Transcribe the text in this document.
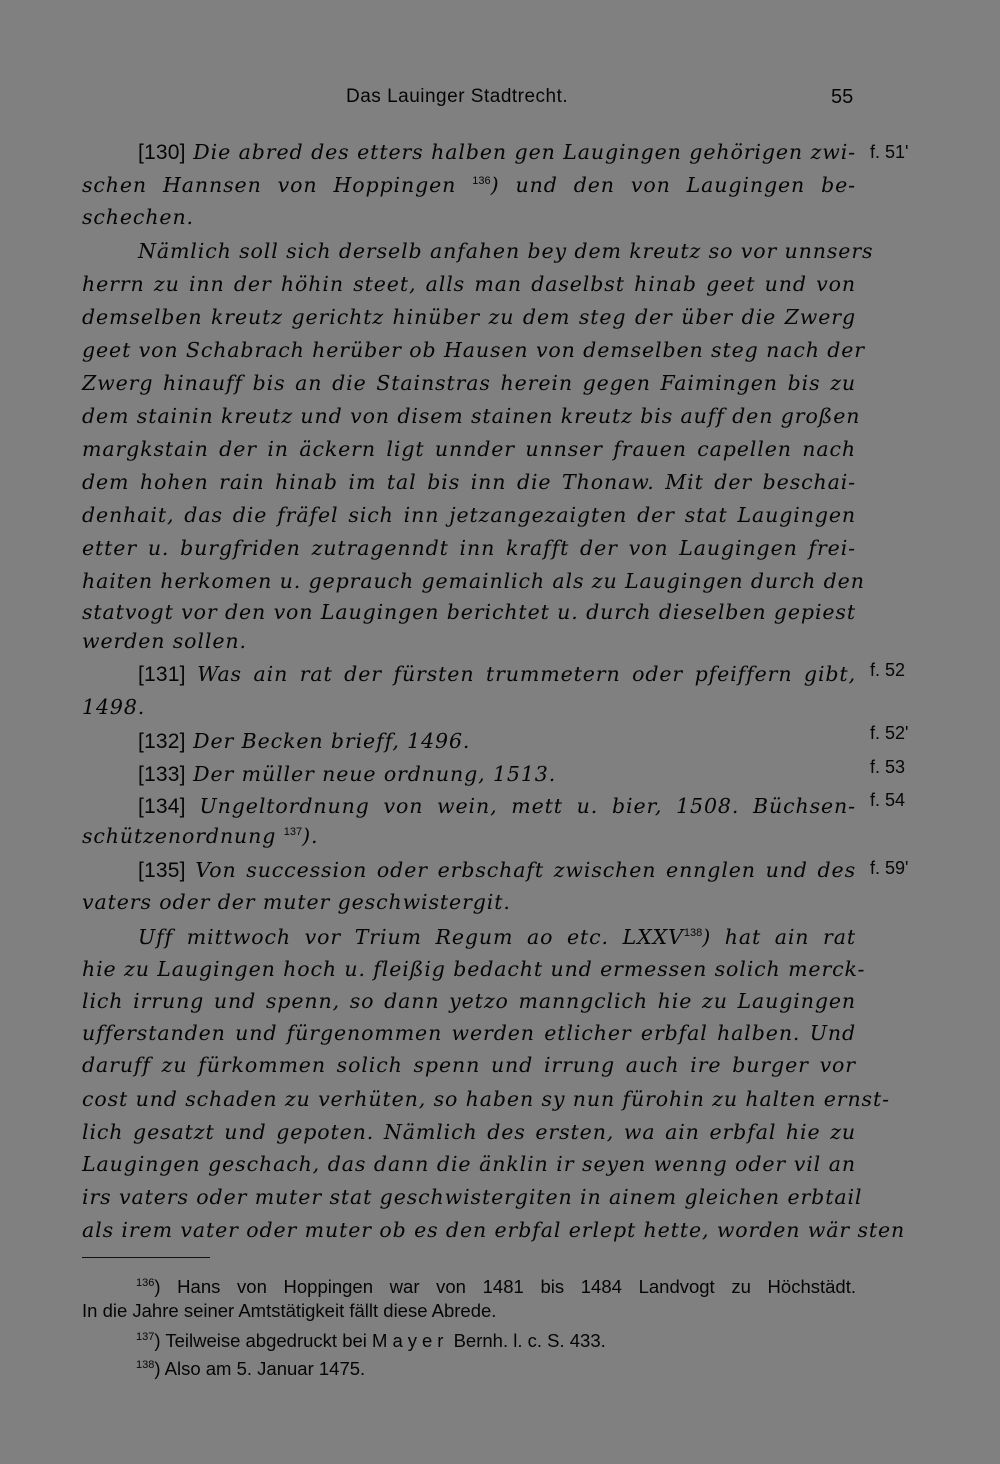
Das Lauinger Stadtrecht.	55
[130] Die abred des etters halben gen Laugingen gehörigen zwi-
schen Hannsen von Hoppingen $^{136}$) und den von Laugingen be-
schechen.
Nämlich soll sich derselb anfahen bey dem kreutz so vor unnsers
herrn zu inn der höhin steet, alls man daselbst hinab geet und von
demselben kreutz gerichtz hinüber zu dem steg der über die Zwerg
geet von Schabrach herüber ob Hausen von demselben steg nach der
Zwerg hinauff bis an die Stainstras herein gegen Faimingen bis zu
dem stainin kreutz und von disem stainen kreutz bis auff den großen
margkstain der in äckern ligt unnder unnser frauen capellen nach
dem hohen rain hinab im tal bis inn die Thonaw. Mit der beschai-
denhait, das die fräfel sich inn jetzangezaigten der stat Laugingen
etter u. burgfriden zutragenndt inn krafft der von Laugingen frei-
haiten herkomen u. geprauch gemainlich als zu Laugingen durch den
statvogt vor den von Laugingen berichtet u. durch dieselben gepiest
werden sollen.
[131] Was ain rat der fürsten trummetern oder pfeiffern gibt,
1498.
[132] Der Becken brieff, 1496.
[133] Der müller neue ordnung, 1513.
[134] Ungeltordnung von wein, mett u. bier, 1508. Büchsen-
schützenordnung $^{137}$).
[135] Von succession oder erbschaft zwischen ennglen und des
vaters oder der muter geschwistergit.
Uff mittwoch vor Trium Regum ao etc. LXXV$^{138}$) hat ain rat
hie zu Laugingen hoch u. fleißig bedacht und ermessen solich merck-
lich irrung und spenn, so dann yetzo manngclich hie zu Laugingen
ufferstanden und fürgenommen werden etlicher erbfal halben. Und
daruff zu fürkommen solich spenn und irrung auch ire burger vor
cost und schaden zu verhüten, so haben sy nun fürohin zu halten ernst-
lich gesatzt und gepoten. Nämlich des ersten, wa ain erbfal hie zu
Laugingen geschach, das dann die änklin ir seyen wenng oder vil an
irs vaters oder muter stat geschwistergiten in ainem gleichen erbtail
als irem vater oder muter ob es den erbfal erlept hette, worden wär sten
f. 51'
f. 52
f. 52'
f. 53
f. 54
f. 59'
$^{136}$) Hans von Hoppingen war von 1481 bis 1484 Landvogt zu Höchstädt.
In die Jahre seiner Amtstätigkeit fällt diese Abrede.
$^{137}$) Teilweise abgedruckt bei Mayer Bernh. l. c. S. 433.
$^{138}$) Also am 5. Januar 1475.
